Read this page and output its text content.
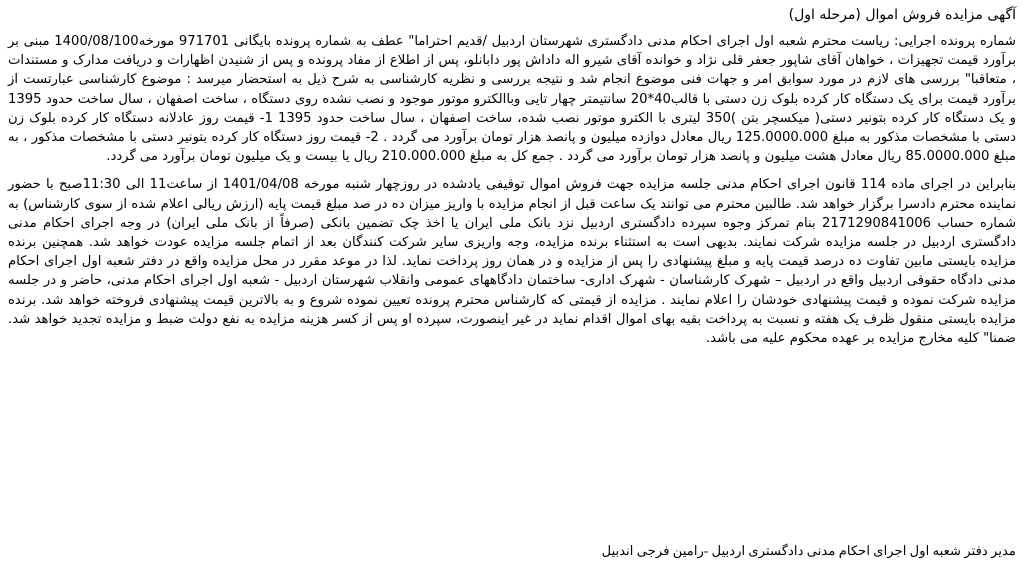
آگهی مزایده فروش اموال (مرحله اول)

شماره پرونده اجرایی: ریاست محترم شعبه اول اجرای احکام مدنی دادگستری شهرستان اردبیل /قدیم احتراما" عطف به شماره پرونده بایگانی 971701 مورخه1400/08/100 مبنی بر برآورد قیمت تجهیزات ، خواهان آقای شاپور جعفر قلی نژاد و خوانده آقای شیرو اله داداش پور دابانلو، پس از اطلاع از مفاد پرونده و پس از شنیدن اظهارات و دریافت مدارک و مستندات ، متعاقبا" بررسی های لازم در مورد سوابق امر و جهات فنی موضوع انجام شد و نتیجه بررسی و نظریه کارشناسی به شرح ذیل به استحضار میرسد : موضوع کارشناسی عبارتست از برآورد قیمت برای یک دستگاه کار کرده بلوک زن دستی با قالب40*20 سانتیمتر چهار تایی وباالکترو موتور موجود و نصب نشده روی دستگاه ، ساخت اصفهان ، سال ساخت حدود 1395 و یک دستگاه کار کرده بتونیر دستی( میکسچر بتن )350 لیتری با الکترو موتور نصب شده، ساخت اصفهان ، سال ساخت حدود 1395 1- قیمت روز عادلانه دستگاه کار کرده بلوک زن دستی با مشخصات مذکور به مبلغ 125.0000.000 ریال معادل دوازده میلیون و پانصد هزار تومان برآورد می گردد . 2- قیمت روز دستگاه کار کرده بتونیر دستی با مشخصات مذکور ، به مبلغ 85.0000.000 ریال معادل هشت میلیون و پانصد هزار تومان برآورد می گردد . جمع کل به مبلغ 210.000.000 ریال یا بیست و یک میلیون تومان برآورد می گردد.

بنابراین در اجرای ماده 114 قانون اجرای احکام مدنی جلسه مزایده جهت فروش اموال توقیفی یادشده در روزچهار شنبه مورخه 1401/04/08 از ساعت11 الی 11:30صبح با حضور نماینده محترم دادسرا برگزار خواهد شد. طالبین محترم می توانند یک ساعت قبل از انجام مزایده با واریز میزان ده در صد مبلغ قیمت پایه (ارزش ریالی اعلام شده از سوی کارشناس) به شماره حساب 2171290841006 بنام تمرکز وجوه سپرده دادگستری اردبیل نزد بانک ملی ایران یا اخذ چک تضمین بانکی (صرفاً از بانک ملی ایران) در وجه اجرای احکام مدنی دادگستری اردبیل در جلسه مزایده شرکت نمایند. بدیهی است به استثناء برنده مزایده، وجه واریزی سایر شرکت کنندگان بعد از اتمام جلسه مزایده عودت خواهد شد. همچنین برنده مزایده بایستی مابین تفاوت ده درصد قیمت پایه و مبلغ پیشنهادی را پس از مزایده و در همان روز پرداخت نماید. لذا در موعد مقرر در محل مزایده واقع در دفتر شعبه اول اجرای احکام مدنی دادگاه حقوقی اردبیل واقع در اردبیل – شهرک کارشناسان - شهرک اداری- ساختمان دادگاههای عمومی وانقلاب شهرستان اردبیل - شعبه اول اجرای احکام مدنی، حاضر و در جلسه مزایده شرکت نموده و قیمت پیشنهادی خودشان را اعلام نمایند . مزایده از قیمتی که کارشناس محترم پرونده تعیین نموده شروع و به بالاترین قیمت پیشنهادی فروخته خواهد شد. برنده مزایده بایستی منقول ظرف یک هفته و نسبت به پرداخت بقیه بهای اموال اقدام نماید در غیر اینصورت، سپرده او پس از کسر هزینه مزایده به نفع دولت ضبط و مزایده تجدید خواهد شد. ضمنا" کلیه مخارج مزایده بر عهده محکوم علیه می باشد.

مدیر دفتر شعبه اول اجرای احکام مدنی دادگستری اردبیل -رامین فرجی اندبیل
